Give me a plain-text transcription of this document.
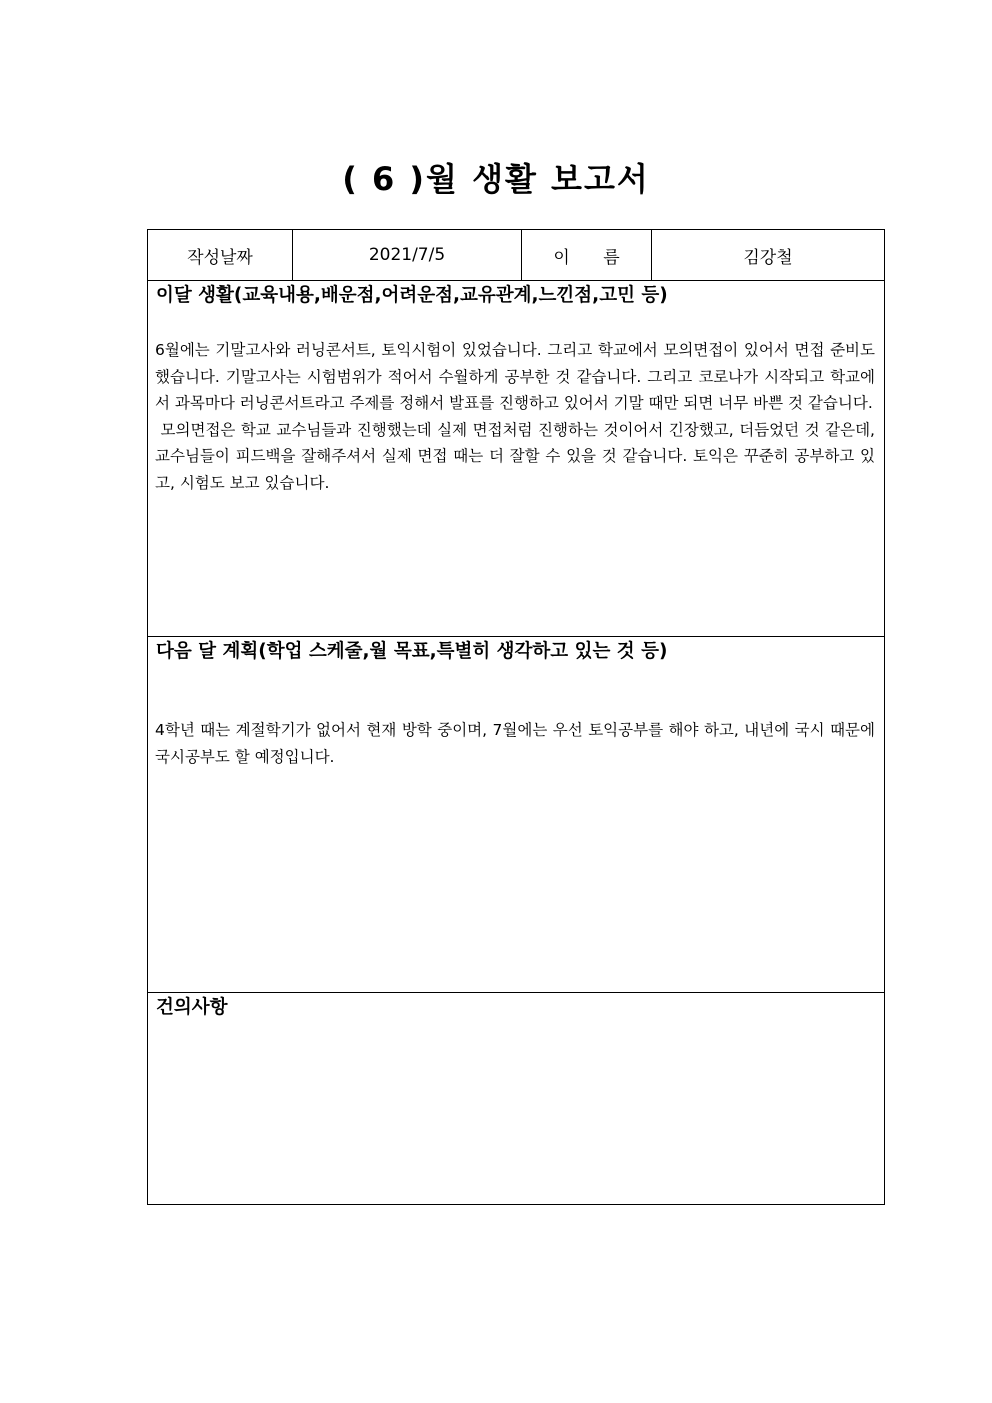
( 6 )월 생활 보고서
작성날짜	2021/7/5	이 름	김강철
이달 생활(교육내용,배운점,어려운점,교유관계,느낀점,고민 등)

6월에는 기말고사와 러닝콘서트, 토익시험이 있었습니다. 그리고 학교에서 모의면접이 있어서 면접 준비도 했습니다. 기말고사는 시험범위가 적어서 수월하게 공부한 것 같습니다. 그리고 코로나가 시작되고 학교에서 과목마다 러닝콘서트라고 주제를 정해서 발표를 진행하고 있어서 기말 때만 되면 너무 바쁜 것 같습니다.

모의면접은 학교 교수님들과 진행했는데 실제 면접처럼 진행하는 것이어서 긴장했고, 더듬었던 것 같은데, 교수님들이 피드백을 잘해주셔서 실제 면접 때는 더 잘할 수 있을 것 같습니다. 토익은 꾸준히 공부하고 있고, 시험도 보고 있습니다.

다음 달 계획(학업 스케줄,월 목표,특별히 생각하고 있는 것 등)

4학년 때는 계절학기가 없어서 현재 방학 중이며, 7월에는 우선 토익공부를 해야 하고, 내년에 국시 때문에 국시공부도 할 예정입니다.

건의사항
